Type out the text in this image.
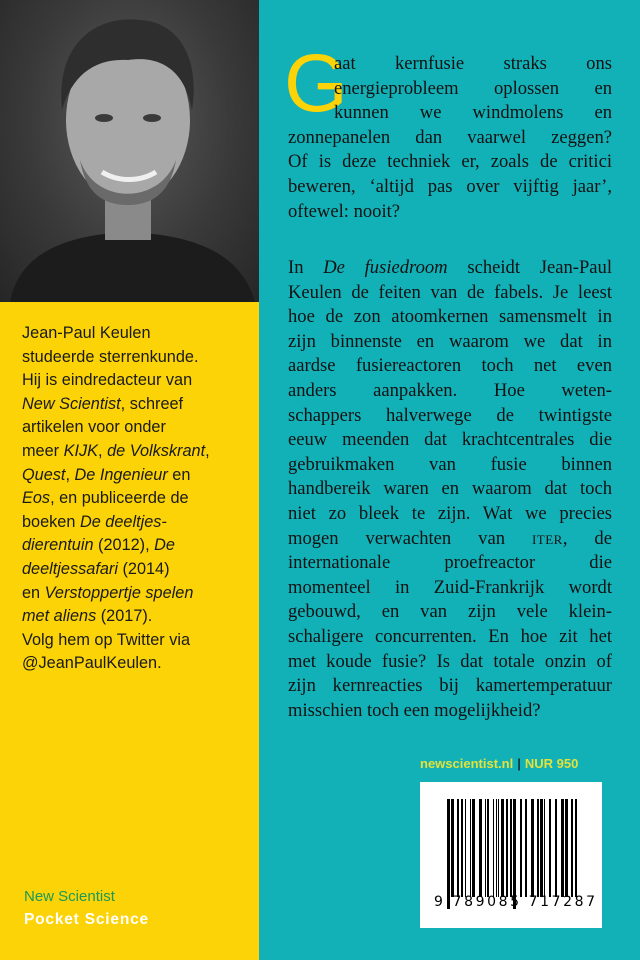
Jean-Paul Keulen
studeerde sterrenkunde.
Hij is eindredacteur van
New Scientist, schreef
artikelen voor onder
meer KIJK, de Volkskrant,
Quest, De Ingenieur en
Eos, en publiceerde de
boeken De deeltjes-
dierentuin (2012), De
deeltjessafari (2014)
en Verstoppertje spelen
met aliens (2017).
Volg hem op Twitter via
@JeanPaulKeulen.
New Scientist
Pocket Science
G
aat kernfusie straks ons
energieprobleem oplossen en
kunnen we windmolens en
zonnepanelen dan vaarwel zeggen?
Of is deze techniek er, zoals de critici
beweren, ‘altijd pas over vijftig jaar’,
oftewel: nooit?
In De fusiedroom scheidt Jean-Paul
Keulen de feiten van de fabels. Je leest
hoe de zon atoomkernen samensmelt in
zijn binnenste en waarom we dat in
aardse fusiereactoren toch net even
anders aanpakken. Hoe weten-
schappers halverwege de twintigste
eeuw meenden dat krachtcentrales die
gebruikmaken van fusie binnen
handbereik waren en waarom dat toch
niet zo bleek te zijn. Wat we precies
mogen verwachten van iter, de
internationale proefreactor die
momenteel in Zuid-Frankrijk wordt
gebouwd, en van zijn vele klein-
schaligere concurrenten. En hoe zit het
met koude fusie? Is dat totale onzin of
zijn kernreacties bij kamertemperatuur
misschien toch een mogelijkheid?
newscientist.nl | NUR 950
9 789085 717287
